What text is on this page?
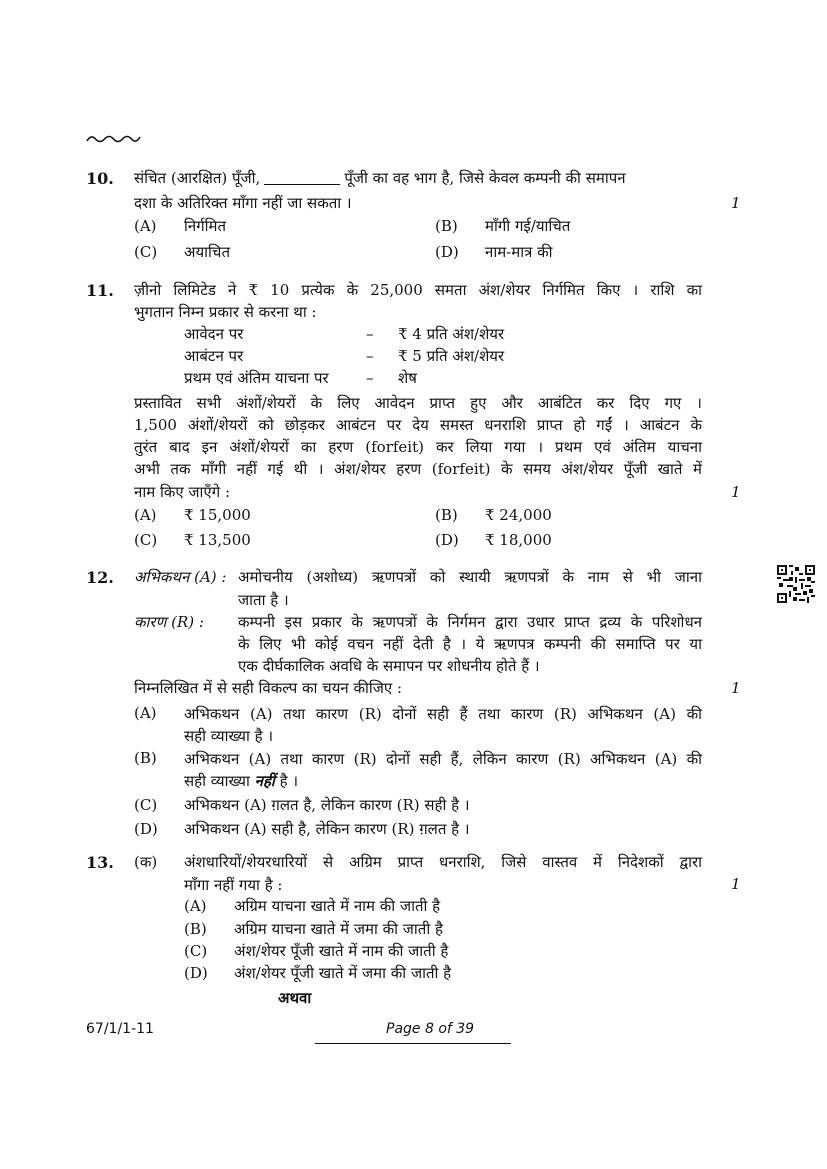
10. संचित (आरक्षित) पूँजी,	पूँजी का वह भाग है, जिसे केवल कम्पनी की समापन
दशा के अतिरिक्त माँगा नहीं जा सकता ।	1
(A) निर्गमित	(B) माँगी गई/याचित
(C) अयाचित	(D) नाम-मात्र की
11. ज़ीनो लिमिटेड ने ₹ 10 प्रत्येक के 25,000 समता अंश/शेयर निर्गमित किए । राशि का
भुगतान निम्न प्रकार से करना था :
आवेदन पर	– ₹ 4 प्रति अंश/शेयर
आबंटन पर	– ₹ 5 प्रति अंश/शेयर
प्रथम एवं अंतिम याचना पर – शेष
प्रस्तावित सभी अंशों/शेयरों के लिए आवेदन प्राप्त हुए और आबंटित कर दिए गए ।
1,500 अंशों/शेयरों को छोड़कर आबंटन पर देय समस्त धनराशि प्राप्त हो गईं । आबंटन के
तुरंत बाद इन अंशों/शेयरों का हरण (forfeit) कर लिया गया । प्रथम एवं अंतिम याचना
अभी तक माँगी नहीं गई थी । अंश/शेयर हरण (forfeit) के समय अंश/शेयर पूँजी खाते में
नाम किए जाएँगे :	1
(A) ₹ 15,000	(B) ₹ 24,000
(C) ₹ 13,500	(D) ₹ 18,000
12. अभिकथन (A) : अमोचनीय (अशोध्य) ऋणपत्रों को स्थायी ऋणपत्रों के नाम से भी जाना
जाता है ।
कारण (R) : कम्पनी इस प्रकार के ऋणपत्रों के निर्गमन द्वारा उधार प्राप्त द्रव्य के परिशोधन
के लिए भी कोई वचन नहीं देती है । ये ऋणपत्र कम्पनी की समाप्ति पर या
एक दीर्घकालिक अवधि के समापन पर शोधनीय होते हैं ।
निम्नलिखित में से सही विकल्प का चयन कीजिए :	1
(A)	अभिकथन (A) तथा कारण (R) दोनों सही हैं तथा कारण (R) अभिकथन (A) की
सही व्याख्या है ।
(B)	अभिकथन (A) तथा कारण (R) दोनों सही हैं, लेकिन कारण (R) अभिकथन (A) की
सही व्याख्या नहीं है ।
(C) अभिकथन (A) ग़लत है, लेकिन कारण (R) सही है ।
(D) अभिकथन (A) सही है, लेकिन कारण (R) ग़लत है ।
13. (क) अंशधारियों/शेयरधारियों से अग्रिम प्राप्त धनराशि, जिसे वास्तव में निदेशकों द्वारा
माँगा नहीं गया है :	1
(A) अग्रिम याचना खाते में नाम की जाती है
(B) अग्रिम याचना खाते में जमा की जाती है
(C) अंश/शेयर पूँजी खाते में नाम की जाती है
(D) अंश/शेयर पूँजी खाते में जमा की जाती है
अथवा
67/1/1-11	Page 8 of 39
